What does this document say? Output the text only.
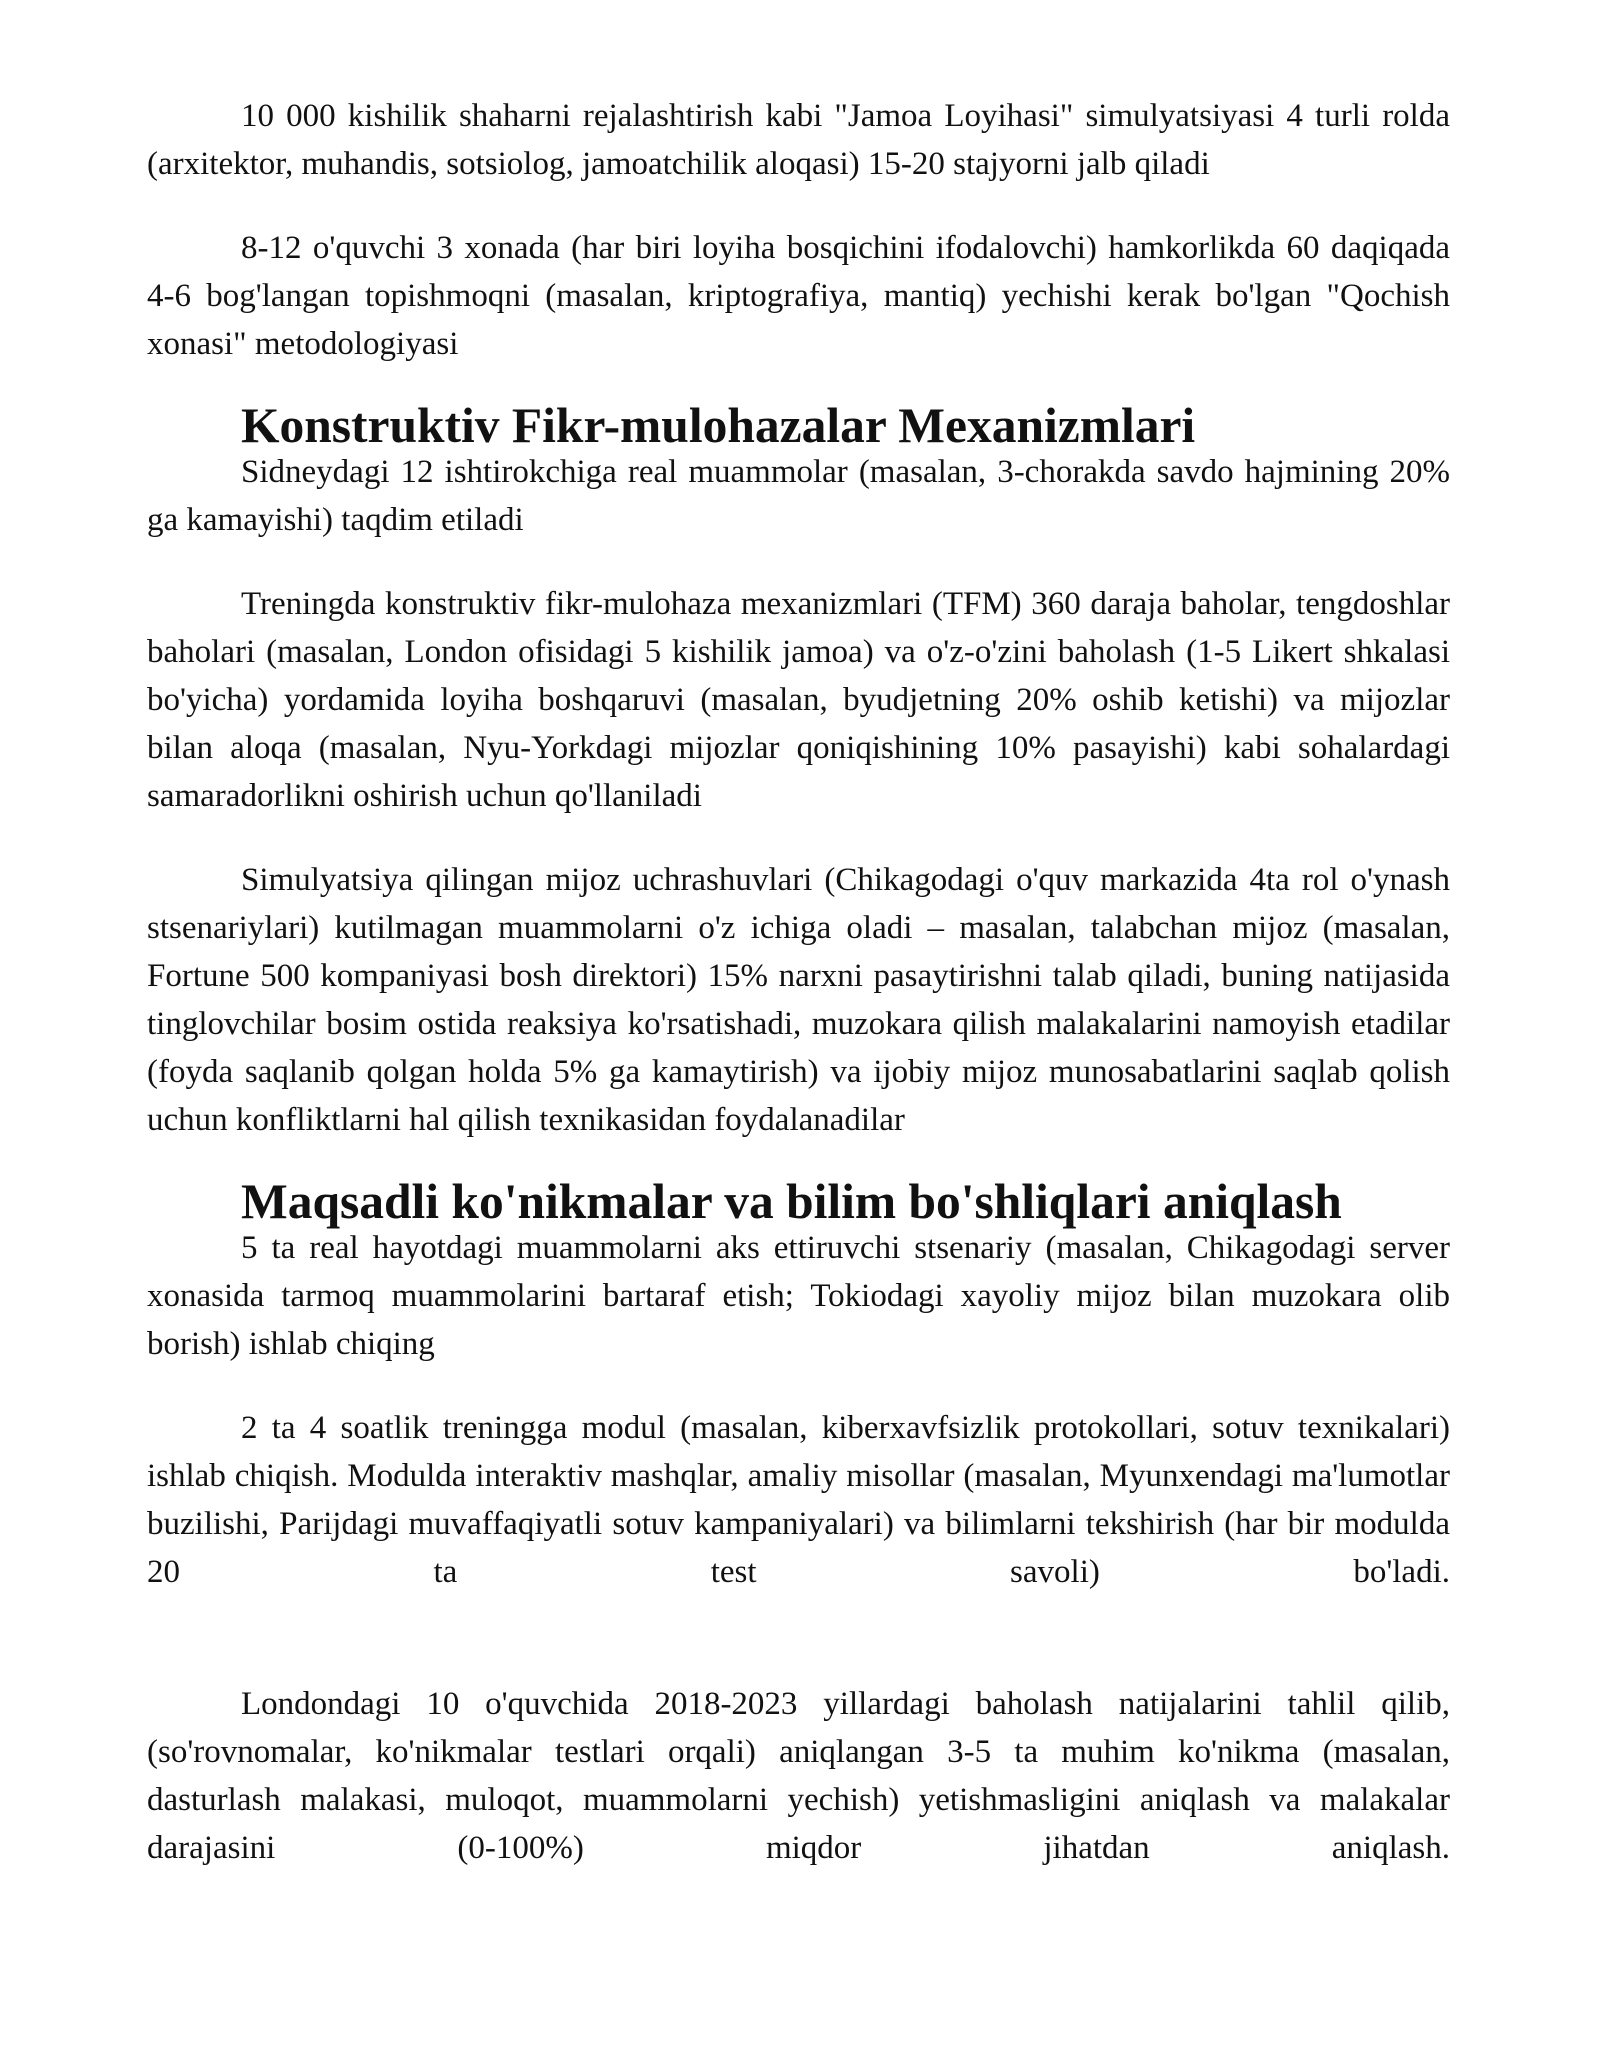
10 000 kishilik shaharni rejalashtirish kabi "Jamoa Loyihasi" simulyatsiyasi 4 turli rolda (arxitektor, muhandis, sotsiolog, jamoatchilik aloqasi) 15-20 stajyorni jalb qiladi

8-12 o'quvchi 3 xonada (har biri loyiha bosqichini ifodalovchi) hamkorlikda 60 daqiqada 4-6 bog'langan topishmoqni (masalan, kriptografiya, mantiq) yechishi kerak bo'lgan "Qochish xonasi" metodologiyasi

Konstruktiv Fikr-mulohazalar Mexanizmlari

Sidneydagi 12 ishtirokchiga real muammolar (masalan, 3-chorakda savdo hajmining 20% ga kamayishi) taqdim etiladi

Treningda konstruktiv fikr-mulohaza mexanizmlari (TFM) 360 daraja baholar, tengdoshlar baholari (masalan, London ofisidagi 5 kishilik jamoa) va o'z-o'zini baholash (1-5 Likert shkalasi bo'yicha) yordamida loyiha boshqaruvi (masalan, byudjetning 20% oshib ketishi) va mijozlar bilan aloqa (masalan, Nyu-Yorkdagi mijozlar qoniqishining 10% pasayishi) kabi sohalardagi samaradorlikni oshirish uchun qo'llaniladi

Simulyatsiya qilingan mijoz uchrashuvlari (Chikagodagi o'quv markazida 4ta rol o'ynash stsenariylari) kutilmagan muammolarni o'z ichiga oladi – masalan, talabchan mijoz (masalan, Fortune 500 kompaniyasi bosh direktori) 15% narxni pasaytirishni talab qiladi, buning natijasida tinglovchilar bosim ostida reaksiya ko'rsatishadi, muzokara qilish malakalarini namoyish etadilar (foyda saqlanib qolgan holda 5% ga kamaytirish) va ijobiy mijoz munosabatlarini saqlab qolish uchun konfliktlarni hal qilish texnikasidan foydalanadilar

Maqsadli ko'nikmalar va bilim bo'shliqlari aniqlash

5 ta real hayotdagi muammolarni aks ettiruvchi stsenariy (masalan, Chikagodagi server xonasida tarmoq muammolarini bartaraf etish; Tokiodagi xayoliy mijoz bilan muzokara olib borish) ishlab chiqing

2 ta 4 soatlik treningga modul (masalan, kiberxavfsizlik protokollari, sotuv texnikalari) ishlab chiqish. Modulda interaktiv mashqlar, amaliy misollar (masalan, Myunxendagi ma'lumotlar buzilishi, Parijdagi muvaffaqiyatli sotuv kampaniyalari) va bilimlarni tekshirish (har bir modulda 20 ta test savoli) bo'ladi.

Londondagi 10 o'quvchida 2018-2023 yillardagi baholash natijalarini tahlil qilib, (so'rovnomalar, ko'nikmalar testlari orqali) aniqlangan 3-5 ta muhim ko'nikma (masalan, dasturlash malakasi, muloqot, muammolarni yechish) yetishmasligini aniqlash va malakalar darajasini (0-100%) miqdor jihatdan aniqlash.
